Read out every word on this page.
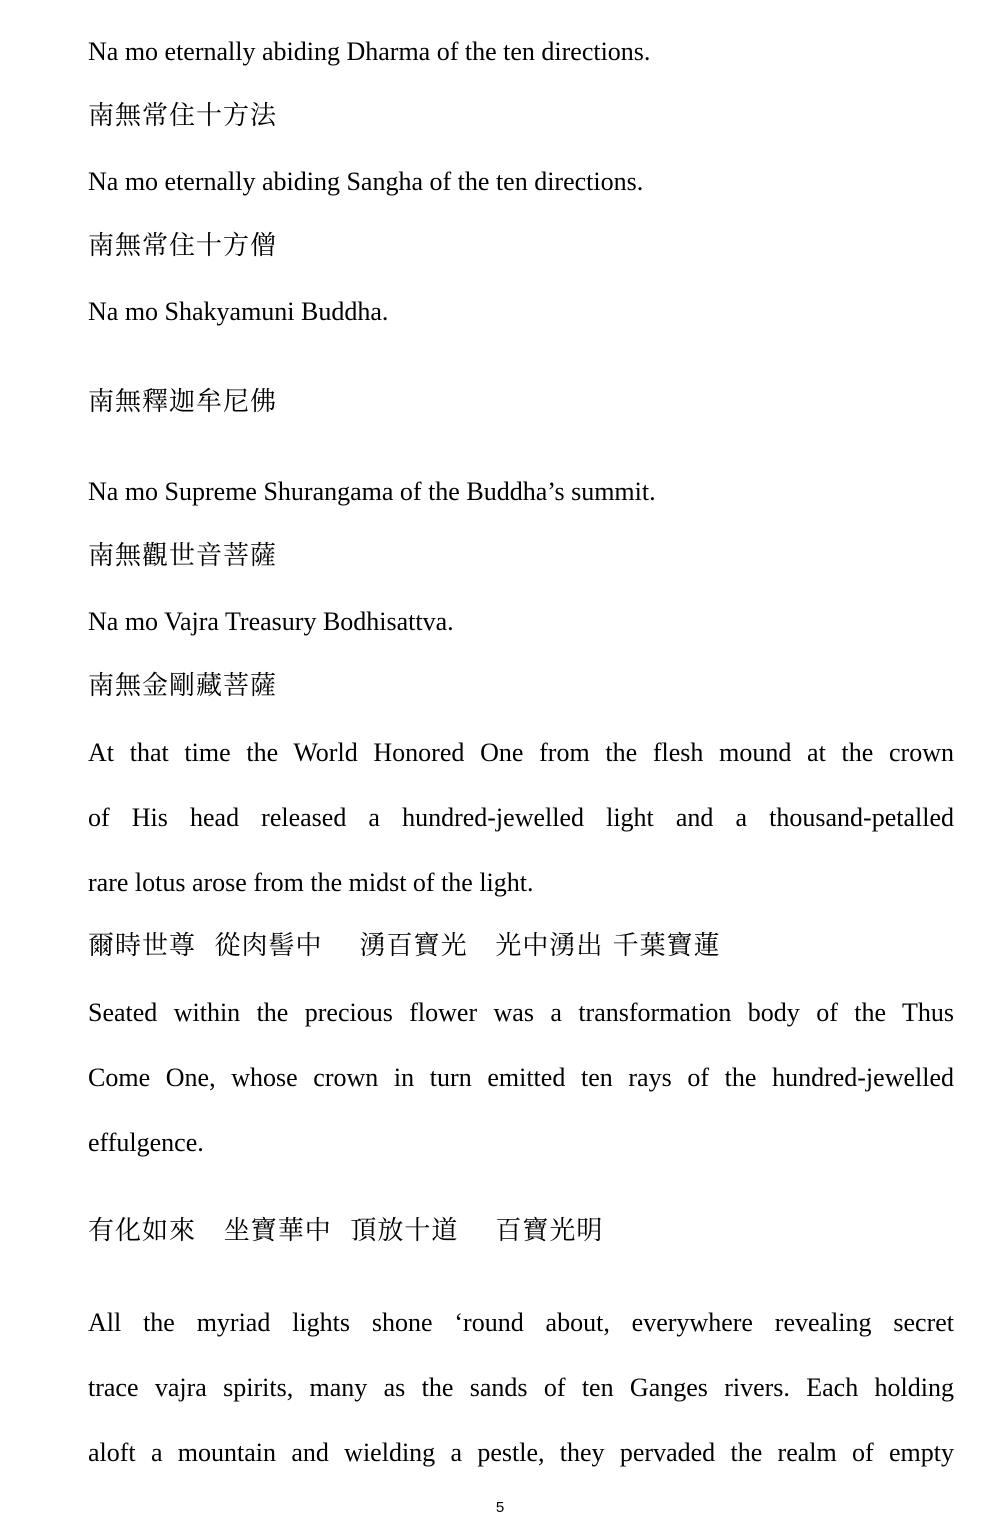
Na mo eternally abiding Dharma of the ten directions.

南無常住十方法

Na mo eternally abiding Sangha of the ten directions.

南無常住十方僧

Na mo Shakyamuni Buddha.

南無釋迦牟尼佛

Na mo Supreme Shurangama of the Buddha’s summit.

南無觀世音菩薩

Na mo Vajra Treasury Bodhisattva.

南無金剛藏菩薩

At that time the World Honored One from the flesh mound at the crown

of His head released a hundred-jewelled light and a thousand-petalled

rare lotus arose from the midst of the light.

爾時世尊  從肉髻中    湧百寶光   光中湧出 千葉寶蓮

Seated within the precious flower was a transformation body of the Thus

Come One, whose crown in turn emitted ten rays of the hundred-jewelled

effulgence.

有化如來   坐寶華中  頂放十道    百寶光明

All the myriad lights shone ‘round about, everywhere revealing secret

trace vajra spirits, many as the sands of ten Ganges rivers. Each holding

aloft a mountain and wielding a pestle, they pervaded the realm of empty

5
